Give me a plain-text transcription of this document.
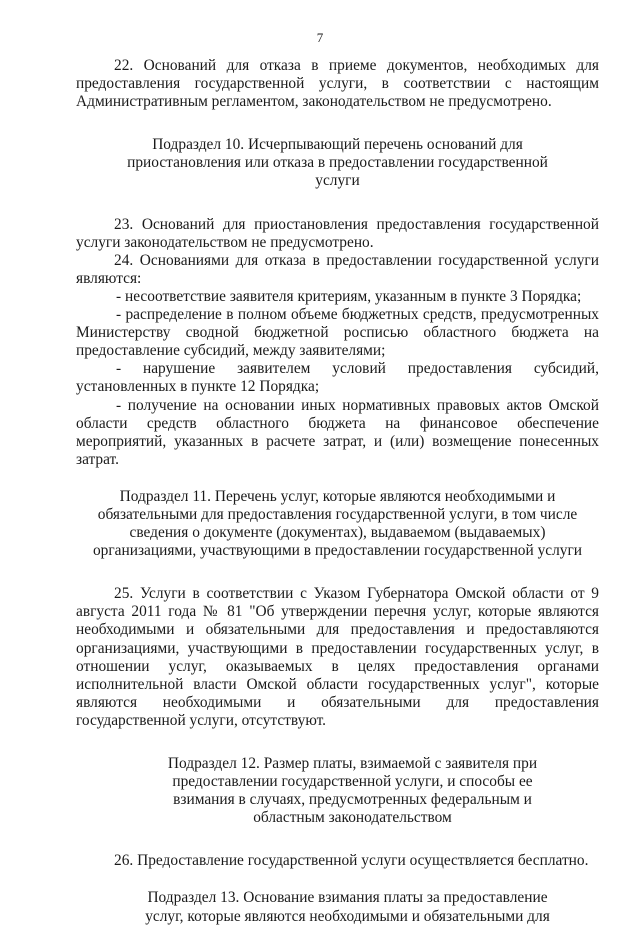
7

22. Оснований для отказа в приеме документов, необходимых для предоставления государственной услуги, в соответствии с настоящим Административным регламентом, законодательством не предусмотрено.

Подраздел 10. Исчерпывающий перечень оснований для приостановления или отказа в предоставлении государственной услуги

23. Оснований для приостановления предоставления государственной услуги законодательством не предусмотрено.

24. Основаниями для отказа в предоставлении государственной услуги являются:

- несоответствие заявителя критериям, указанным в пункте 3 Порядка;

- распределение в полном объеме бюджетных средств, предусмотренных Министерству сводной бюджетной росписью областного бюджета на предоставление субсидий, между заявителями;

- нарушение заявителем условий предоставления субсидий, установленных в пункте 12 Порядка;

- получение на основании иных нормативных правовых актов Омской области средств областного бюджета на финансовое обеспечение мероприятий, указанных в расчете затрат, и (или) возмещение понесенных затрат.

Подраздел 11. Перечень услуг, которые являются необходимыми и обязательными для предоставления государственной услуги, в том числе сведения о документе (документах), выдаваемом (выдаваемых) организациями, участвующими в предоставлении государственной услуги

25. Услуги в соответствии с Указом Губернатора Омской области от 9 августа 2011 года № 81 "Об утверждении перечня услуг, которые являются необходимыми и обязательными для предоставления и предоставляются организациями, участвующими в предоставлении государственных услуг, в отношении услуг, оказываемых в целях предоставления органами исполнительной власти Омской области государственных услуг", которые являются необходимыми и обязательными для предоставления государственной услуги, отсутствуют.

Подраздел 12. Размер платы, взимаемой с заявителя при предоставлении государственной услуги, и способы ее взимания в случаях, предусмотренных федеральным и областным законодательством

26. Предоставление государственной услуги осуществляется бесплатно.

Подраздел 13. Основание взимания платы за предоставление услуг, которые являются необходимыми и обязательными для
